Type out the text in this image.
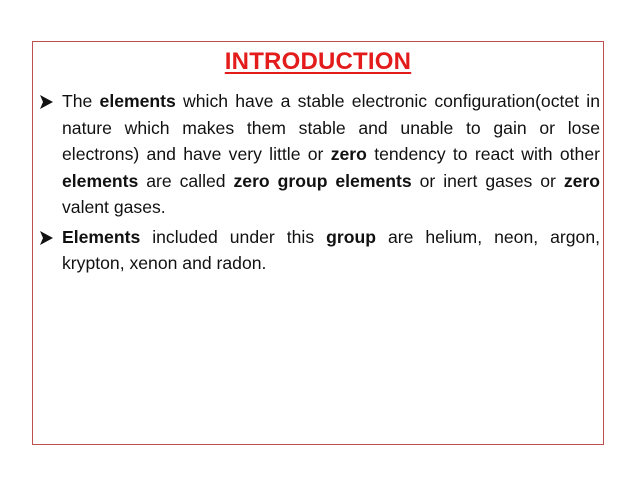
INTRODUCTION
The elements which have a stable electronic configuration(octet in nature which makes them stable and unable to gain or lose electrons) and have very little or zero tendency to react with other elements are called zero group elements or inert gases or zero valent gases.
Elements included under this group are helium, neon, argon, krypton, xenon and radon.
